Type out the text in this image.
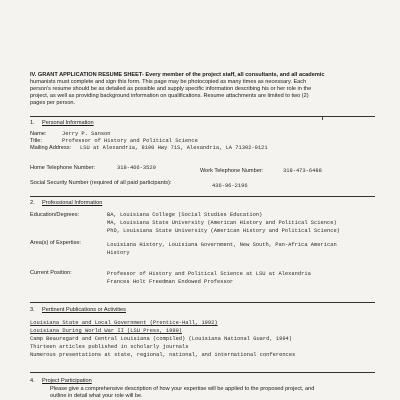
IV. GRANT APPLICATION RESUME SHEET- Every member of the project staff, all consultants, and all academic
humanists must complete and sign this form. This page may be photocopied as many times as necessary. Each
person's resume should be as detailed as possible and supply specific information describing his or her role in the
project, as well as providing background information on qualifications. Resume attachments are limited to two (2)
pages per person.
1. Personal Information
Name:	Jerry P. Sanson
Title:	Professor of History and Political Science
Mailing Address: LSU at Alexandria, 8100 Hwy 71S, Alexandria, LA 71302-9121
Home Telephone Number:	318-466-3520	Work Telephone Number:	318-473-6488
Social Security Number (required of all paid participants):	436-96-2196
2. Professional Information
Education/Degrees:	BA, Louisiana College (Social Studies Education)
MA, Louisiana State University (American History and Political Science)
PhD, Louisiana State University (American History and Political Science)
Area(s) of Expertise:	Louisiana History, Louisiana Government, New South, Pan-Africa American
History
Current Position:	Professor of History and Political Science at LSU at Alexandria
Frances Holt Freedman Endowed Professor
3. Pertinent Publications or Activities
Louisiana State and Local Government (Prentice-Hall, 1992)
Louisiana During World War II (LSU Press, 1999)
Camp Beauregard and Central Louisiana (compiled) (Louisiana National Guard, 1994)
Thirteen articles published in scholarly journals
Numerous presentations at state, regional, national, and international conferences
4. Project Participation
Please give a comprehensive description of how your expertise will be applied to the proposed project, and
outline in detail what your role will be.
